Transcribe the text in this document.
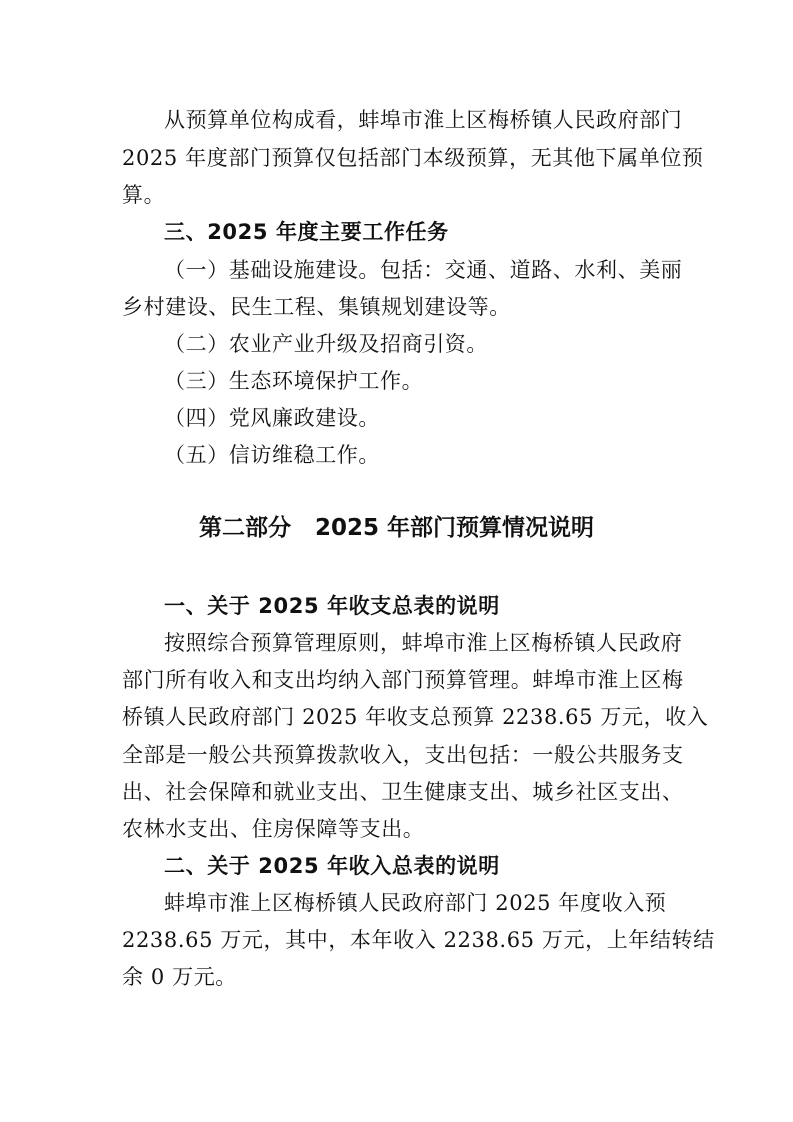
从预算单位构成看，蚌埠市淮上区梅桥镇人民政府部门
2025 年度部门预算仅包括部门本级预算，无其他下属单位预
算。
三、2025 年度主要工作任务
（一）基础设施建设。包括：交通、道路、水利、美丽
乡村建设、民生工程、集镇规划建设等。
（二）农业产业升级及招商引资。
（三）生态环境保护工作。
（四）党风廉政建设。
（五）信访维稳工作。
第二部分   2025 年部门预算情况说明
一、关于 2025 年收支总表的说明
按照综合预算管理原则，蚌埠市淮上区梅桥镇人民政府
部门所有收入和支出均纳入部门预算管理。蚌埠市淮上区梅
桥镇人民政府部门 2025 年收支总预算 2238.65 万元，收入
全部是一般公共预算拨款收入，支出包括：一般公共服务支
出、社会保障和就业支出、卫生健康支出、城乡社区支出、
农林水支出、住房保障等支出。
二、关于 2025 年收入总表的说明
蚌埠市淮上区梅桥镇人民政府部门 2025 年度收入预
2238.65 万元，其中，本年收入 2238.65 万元，上年结转结
余 0 万元。
